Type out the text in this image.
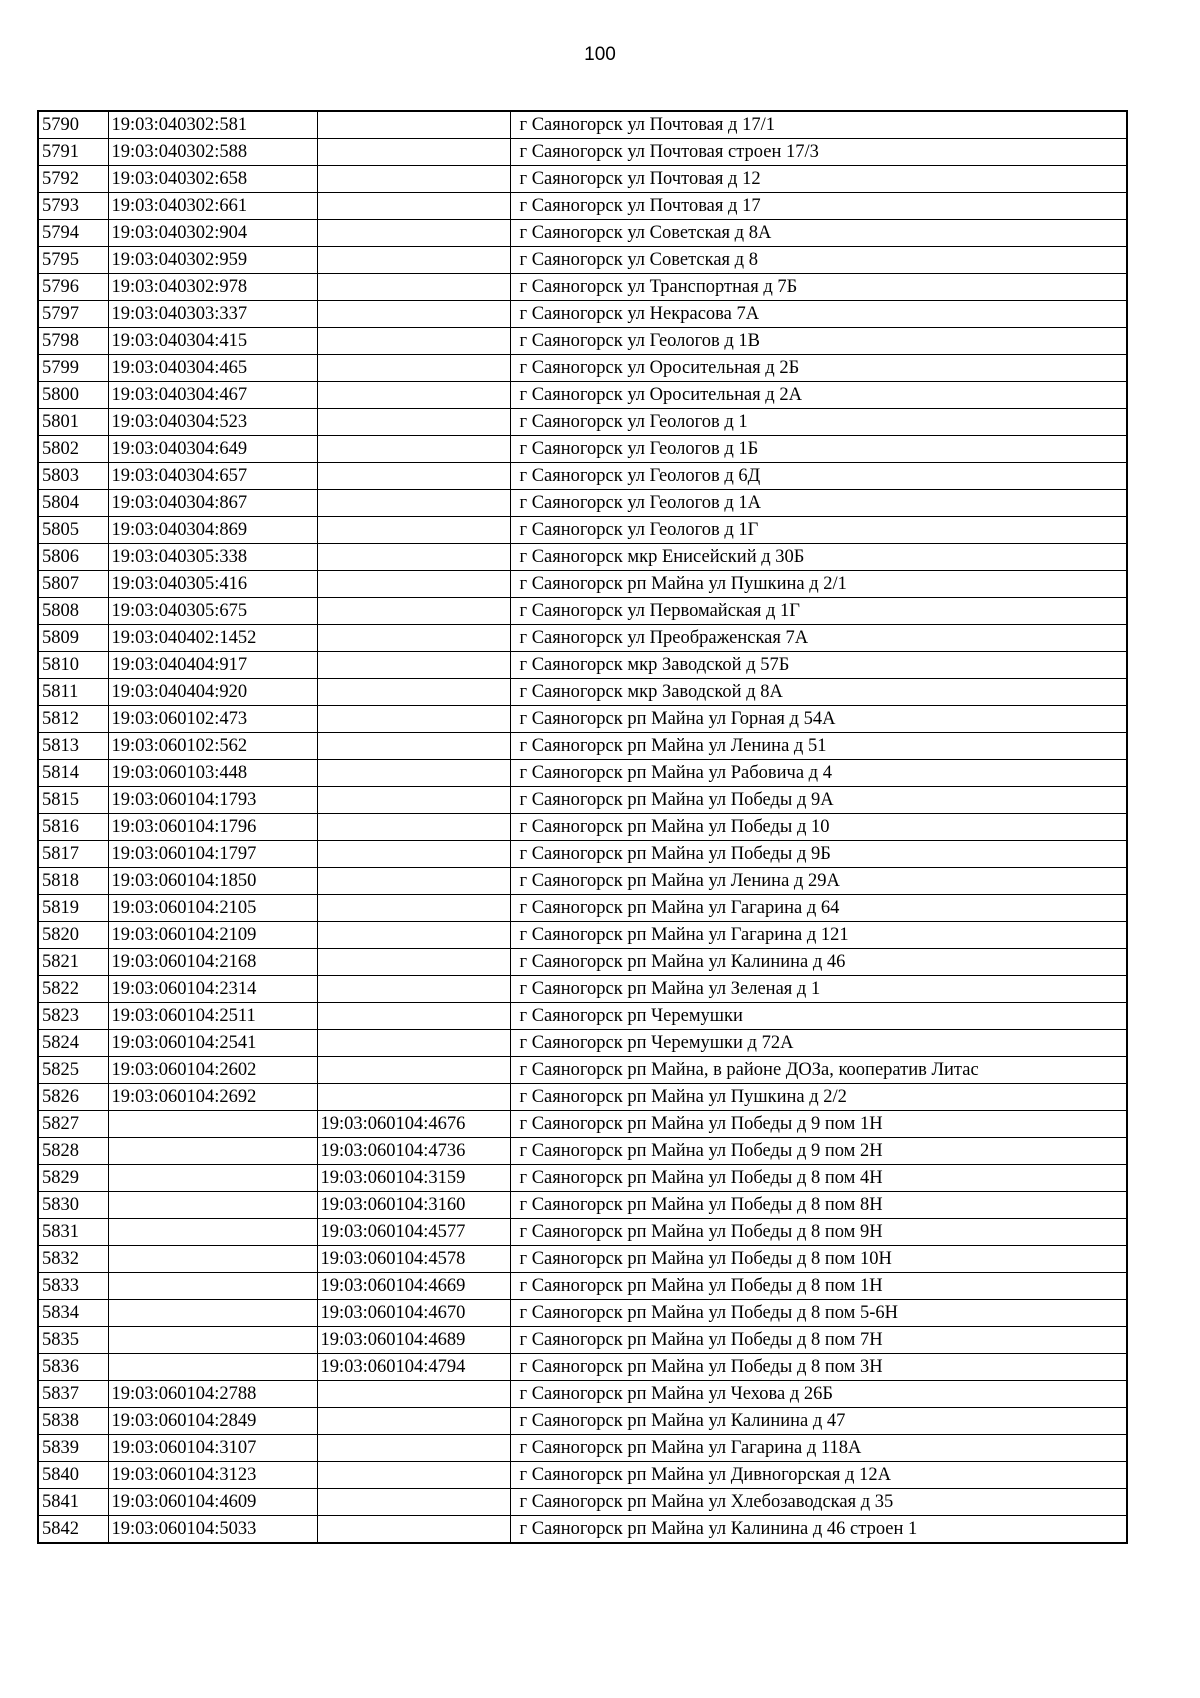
100
5790	19:03:040302:581		г Саяногорск ул Почтовая д 17/1
5791	19:03:040302:588		г Саяногорск ул Почтовая строен 17/3
5792	19:03:040302:658		г Саяногорск ул Почтовая д 12
5793	19:03:040302:661		г Саяногорск ул Почтовая д 17
5794	19:03:040302:904		г Саяногорск ул Советская д 8А
5795	19:03:040302:959		г Саяногорск ул Советская д 8
5796	19:03:040302:978		г Саяногорск ул Транспортная д 7Б
5797	19:03:040303:337		г Саяногорск ул Некрасова 7А
5798	19:03:040304:415		г Саяногорск ул Геологов д 1В
5799	19:03:040304:465		г Саяногорск ул Оросительная д 2Б
5800	19:03:040304:467		г Саяногорск ул Оросительная д 2А
5801	19:03:040304:523		г Саяногорск ул Геологов д 1
5802	19:03:040304:649		г Саяногорск ул Геологов д 1Б
5803	19:03:040304:657		г Саяногорск ул Геологов д 6Д
5804	19:03:040304:867		г Саяногорск ул Геологов д 1А
5805	19:03:040304:869		г Саяногорск ул Геологов д 1Г
5806	19:03:040305:338		г Саяногорск мкр Енисейский д 30Б
5807	19:03:040305:416		г Саяногорск рп Майна ул Пушкина д 2/1
5808	19:03:040305:675		г Саяногорск ул Первомайская д 1Г
5809	19:03:040402:1452		г Саяногорск ул Преображенская 7А
5810	19:03:040404:917		г Саяногорск мкр Заводской д 57Б
5811	19:03:040404:920		г Саяногорск мкр Заводской д 8А
5812	19:03:060102:473		г Саяногорск рп Майна ул Горная д 54А
5813	19:03:060102:562		г Саяногорск рп Майна ул Ленина д 51
5814	19:03:060103:448		г Саяногорск рп Майна ул Рабовича д 4
5815	19:03:060104:1793		г Саяногорск рп Майна ул Победы д 9А
5816	19:03:060104:1796		г Саяногорск рп Майна ул Победы д 10
5817	19:03:060104:1797		г Саяногорск рп Майна ул Победы д 9Б
5818	19:03:060104:1850		г Саяногорск рп Майна ул Ленина д 29А
5819	19:03:060104:2105		г Саяногорск рп Майна ул Гагарина д 64
5820	19:03:060104:2109		г Саяногорск рп Майна ул Гагарина д 121
5821	19:03:060104:2168		г Саяногорск рп Майна ул Калинина д 46
5822	19:03:060104:2314		г Саяногорск рп Майна ул Зеленая д 1
5823	19:03:060104:2511		г Саяногорск рп Черемушки
5824	19:03:060104:2541		г Саяногорск рп Черемушки д 72А
5825	19:03:060104:2602		г Саяногорск рп Майна, в районе ДОЗа, кооператив Литас
5826	19:03:060104:2692		г Саяногорск рп Майна ул Пушкина д 2/2
5827		19:03:060104:4676	г Саяногорск рп Майна ул Победы д 9 пом 1Н
5828		19:03:060104:4736	г Саяногорск рп Майна ул Победы д 9 пом 2Н
5829		19:03:060104:3159	г Саяногорск рп Майна ул Победы д 8 пом 4Н
5830		19:03:060104:3160	г Саяногорск рп Майна ул Победы д 8 пом 8Н
5831		19:03:060104:4577	г Саяногорск рп Майна ул Победы д 8 пом 9Н
5832		19:03:060104:4578	г Саяногорск рп Майна ул Победы д 8 пом 10Н
5833		19:03:060104:4669	г Саяногорск рп Майна ул Победы д 8 пом 1Н
5834		19:03:060104:4670	г Саяногорск рп Майна ул Победы д 8 пом 5-6Н
5835		19:03:060104:4689	г Саяногорск рп Майна ул Победы д 8 пом 7Н
5836		19:03:060104:4794	г Саяногорск рп Майна ул Победы д 8 пом 3Н
5837	19:03:060104:2788		г Саяногорск рп Майна ул Чехова д 26Б
5838	19:03:060104:2849		г Саяногорск рп Майна ул Калинина д 47
5839	19:03:060104:3107		г Саяногорск рп Майна ул Гагарина д 118А
5840	19:03:060104:3123		г Саяногорск рп Майна ул Дивногорская д 12А
5841	19:03:060104:4609		г Саяногорск рп Майна ул Хлебозаводская д 35
5842	19:03:060104:5033		г Саяногорск рп Майна ул Калинина д 46 строен 1
